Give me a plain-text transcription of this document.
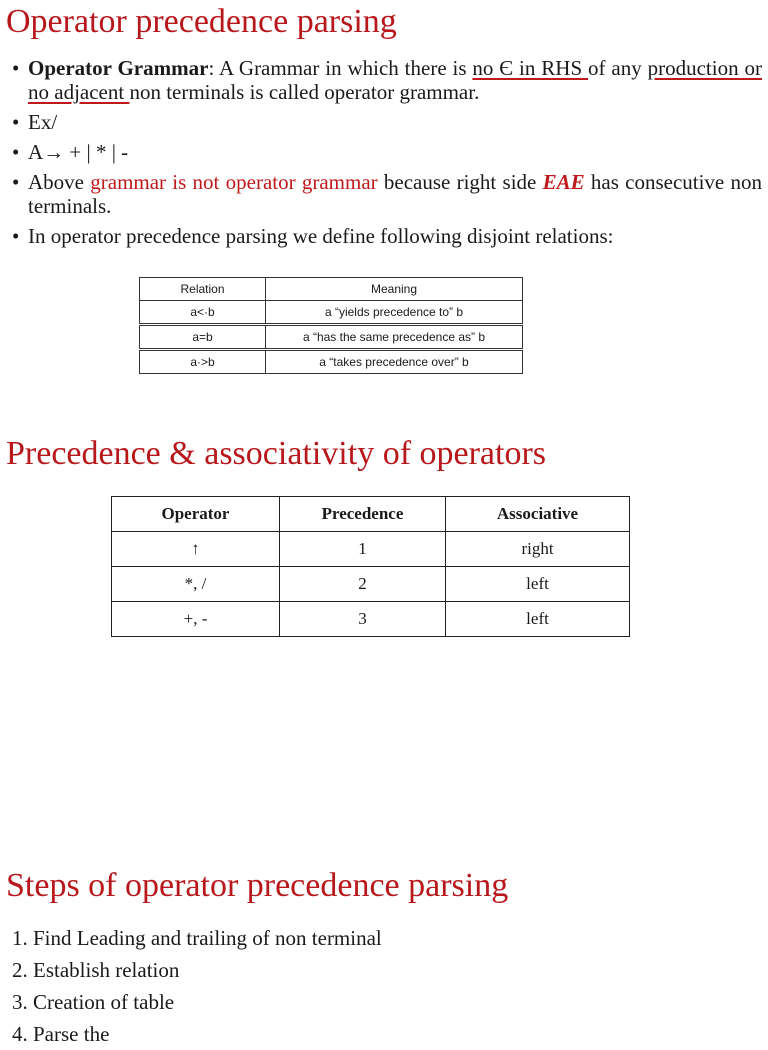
Operator precedence parsing
• Operator Grammar: A Grammar in which there is no Є in RHS of any production or no adjacent non terminals is called operator grammar.
• Ex/
• A→ + | * | -
• Above grammar is not operator grammar because right side EAE has consecutive non terminals.
• In operator precedence parsing we define following disjoint relations:
Relation	Meaning
a<·b	a “yields precedence to” b
a=b	a “has the same precedence as” b
a·>b	a “takes precedence over” b
Precedence & associativity of operators
Operator	Precedence	Associative
↑	1	right
*, /	2	left
+, -	3	left
Steps of operator precedence parsing
1. Find Leading and trailing of non terminal
2. Establish relation
3. Creation of table
4. Parse the
